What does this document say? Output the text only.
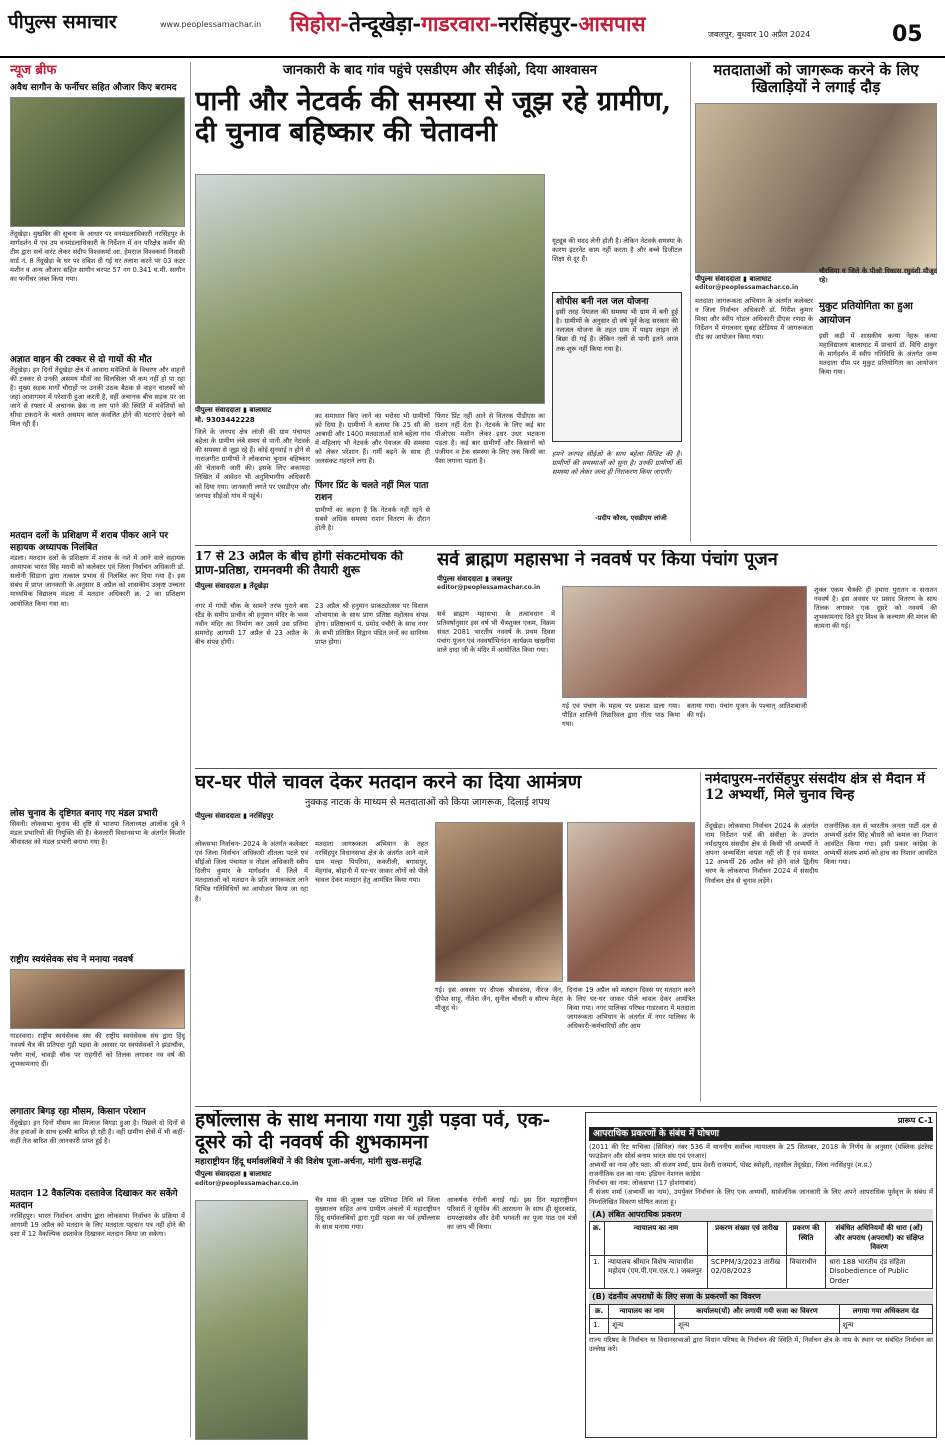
पीपुल्स समाचार	www.peoplessamachar.in सिहोरा-तेन्दूखेड़ा-गाडरवारा-नरसिंहपुर-आसपास	जबलपुर, बुधवार 10 अप्रैल 2024	05
न्यूज ब्रीफ
अवैध सागौन के फर्नीचर सहित औजार किए बरामद
तेंदूखेड़ा। मुखबिर की सूचना के आधार पर वनमंडलाधिकारी नरसिंहपुर के मार्गदर्शन में एवं उप वनमंडलाधिकारी के निर्देशन में वन परिक्षेत्र कर्मन की टीम द्वारा सर्च वारंट लेकर संदीप विश्वकर्मा आ. हेमराज विश्वकर्मा निवासी वार्ड नं. 8 तेंदूखेड़ा के घर पर दबिश दी गई घर तलाश करने पर 03 कटर मशीन व अन्य औजार सहित सागौन चरपट 57 नग 0.341 घ.मी. सागौन का फर्नीचर जब्त किया गया।
अज्ञात वाहन की टक्कर से दो गायों की मौत
तेंदूखेड़ा। इन दिनों तेंदूखेड़ा क्षेत्र में आवारा मवेशियों के विचरण और वाहनों की टक्कर से उनकी असमय मौतों का सिलसिला भी कम नहीं हो पा रहा है। मुख्य सड़क मार्गों चौराहों पर उनकी उठक बैठक से वाहन चालकों को जहां आवागमन में परेशानी हुआ करती है, वहीं अचानक बीच सड़क पर आ जाने से रफ्तार में अचानक ब्रेक ना लग पाने की स्थिति में मवेशियों को सीधा टकराने के चलते असमय काल कवलित होने की घटनाएं देखने को मिल रही हैं।
मतदान दलों के प्रशिक्षण में शराब पीकर आने पर सहायक अध्यापक निलंबित
मंडला। मतदान दलों के प्रशिक्षण में शराब के नशे में आने वाले सहायक अध्यापक भारत सिंह मरावी को कलेक्टर एवं जिला निर्वाचन अधिकारी डॉ. सलोनी सिडाना द्वारा तत्काल प्रभाव से निलंबित कर दिया गया है। इस संबंध में प्राप्त जानकारी के अनुसार 8 अप्रैल को शासकीय उत्कृष्ट उच्चतर माध्यमिक विद्यालय मंडला में मतदान अधिकारी क्र. 2 का प्रशिक्षण आयोजित किया गया था।
लोस चुनाव के दृष्टिगत बनाए गए मंडल प्रभारी
सिवनी। लोकसभा चुनाव की दृष्टि से भाजपा जिलाध्यक्ष आलोक दुबे ने मंडल प्रभारियों की नियुक्ति की है। केवलारी विधानसभा के अंतर्गत किशोर श्रीवास्तव को मंडल प्रभारी बनाया गया है।
राष्ट्रीय स्वयंसेवक संघ ने मनाया नववर्ष
गाडरवारा। राष्ट्रीय स्वयंसेवक संघ की राष्ट्रीय स्वयंसेवक संघ द्वारा हिंदू नववर्ष चैत्र की प्रतिपदा गुड़ी पड़वा के अवसर पर स्वयंसेवकों ने झंडाचौक, फ्लैग मार्च, चावड़ी चौक पर राहगीरों को तिलक लगाकर नव वर्ष की शुभकामनाएं दीं।
लगातार बिगड़ रहा मौसम, किसान परेशान
तेंदूखेड़ा। इन दिनों मौसम का मिजाज बिगड़ा हुआ है। पिछले दो दिनों से तेज हवाओं के साथ हल्की बारिश हो रही है। वहीं ग्रामीण क्षेत्रों में भी कहीं-कहीं तेज बारिश की जानकारी प्राप्त हुई है।
मतदान 12 वैकल्पिक दस्तावेज दिखाकर कर सकेंगे मतदान
नरसिंहपुर। भारत निर्वाचन आयोग द्वारा लोकसभा निर्वाचन के प्रक्रिया में आगामी 19 अप्रैल को मतदान के लिए मतदाता पहचान पत्र नहीं होने की दशा में 12 वैकल्पिक दस्तावेज दिखाकर मतदान किया जा सकेगा।
जानकारी के बाद गांव पहुंचे एसडीएम और सीईओ, दिया आश्वासन
पानी और नेटवर्क की समस्या से जूझ रहे ग्रामीण, दी चुनाव बहिष्कार की चेतावनी
पीपुल्स संवाददाता ▮ बालाघाट
मो. 9303442228
जिले के जनपद क्षेत्र लांजी की ग्राम पंचायत बहेला के ग्रामीण लंबे समय से पानी और नेटवर्क की समस्या से जूझ रहे हैं। कोई सुनवाई न होने से नाराजगीत ग्रामीणों ने लोकसभा चुनाव बहिष्कार की चेतावनी जारी की। इसके लिए बकायदा लिखित में आवेदन भी अनुविभागीय अधिकारी को दिया गया। जानकारी लगते पर एसडीएम और जनपद सीईओ गांव में पहुंचे।
का समाधान किए जाने का भरोसा भी ग्रामीणों को दिया है। ग्रामीणों ने बताया कि 25 सौ की आबादी और 1400 मतदाताओं वाले बहेला गांव में महिलाएं भी नेटवर्क और पेयजल की समस्या को लेकर परेशान हैं। गर्मी बढ़ने के साथ ही जलसंकट गहराने लगा है।
फिंगर प्रिंट के चलते नहीं मिल पाता राशन
ग्रामीणों का कहना है कि नेटवर्क नहीं रहने से सबसे अधिक समस्या राशन वितरण के दौरान होती है।
फिंगर प्रिंट नहीं आने से वितरक पीडीएस का राशन नहीं देता है। नेटवर्क के लिए कई बार पीओएस मशीन लेकर इधर उधर भटकना पड़ता है। कई बार ग्रामीणों और किसानों को पंजीयन व टेक समस्या के लिए तक किसी का पैसा लगाना पड़ता है।
यूट्यूब की मदद लेनी होती है। लेकिन नेटवर्क समस्या के कारण इंटरनेट काम नहीं करता है और बच्चे डिजीटल शिक्षा से दूर हैं।
शोपीस बनी नल जल योजना
इसी तरह पेयजल की समस्या भी ग्राम में बनी हुई है। ग्रामीणों के अनुसार दो वर्ष पूर्व केन्द्र सरकार की नलजल योजना के तहत ग्राम में पाइप लाइन तो बिछा दी गई है। लेकिन नलों से पानी इतने आज तक शुरू नहीं किया गया है।
हमने जनपद सीईओ के साथ बहेला विजिट की है। ग्रामीणों की समस्याओं को सुना है। उनकी ग्रामीणों की समस्या को लेकर जल्द ही निराकरण किया जाएगी।
-प्रदीप कौरव, एसडीएम लांजी
मतदाताओं को जागरूक करने के लिए खिलाड़ियों ने लगाई दौड़
पीपुल्स संवाददाता ▮ बालाघाट
editor@peoplessamachar.co.in
मतदाता जागरूकता अभियान के अंतर्गत कलेक्टर व जिला निर्वाचन अधिकारी डॉ. गिरीश कुमार मिश्रा और स्वीप नोडल अधिकारी डीएस रणदा के निर्देशन में मंगलवार सुबह स्टेडियम में जागरूकता दौड़ का आयोजन किया गया।
चौरसिया व जिले के पीओ विकास रघुवंशी मौजूद रहे।
मुकुट प्रतियोगिता का हुआ आयोजन
इसी कड़ी में शासकीय कन्या नेहरू कन्या महाविद्यालय बालाघाट में प्राचार्य डॉ. विधि ठाकुर के मार्गदर्शन में स्वीप गतिविधि के अंतर्गत जन्म मतदाता धीम पर मुकुट प्रतियोगिता का आयोजन किया गया।
17 से 23 अप्रैल के बीच होगी संकटमोचक की प्राण-प्रतिष्ठा, रामनवमी की तैयारी शुरू
पीपुल्स संवाददाता ▮ तेंदूखेड़ा
नगर में गांधी चौक के सामने तरफ पुराने बस स्टैंड के समीप प्राचीन श्री हनुमान मंदिर के भव्य नवीन मंदिर का निर्माण कर उसमें उस प्रतिमा समारोह आगामी 17 अप्रैल से 23 अप्रैल के बीच संपन्न होगी।
23 अप्रैल श्री हनुमान प्राकट्योत्सव पर विशाल शोभायात्रा के साथ प्राण प्रतिष्ठा महोत्सव संपन्न होगा। प्रतिष्ठाचार्य पं. प्रमोद पचौरी के साथ नगर के सभी प्रतिष्ठित विद्वान पंडित जनों का सानिध्य प्राप्त होगा।
सर्व ब्राह्मण महासभा ने नववर्ष पर किया पंचांग पूजन
पीपुल्स संवाददाता ▮ जबलपुर
editor@peoplessamachar.co.in
सर्व ब्राह्मण महासभा के तत्वावधान में प्रतिवर्षानुसार इस वर्ष भी चैत्रशुक्ल एकम, विक्रम संवत 2081 भारतीय नववर्ष के प्रथम दिवस पंचांग पूजन एवं नववर्षाभिनंदन कार्यक्रम खखरीया वाले दादा जी के मंदिर में आयोजित किया गया।
गई एवं पंचांग के महत्व पर प्रकाश डाला गया। पौड़ित शालिनी तिन्नारिवल द्वारा गीता पाठ किया गया।
बताया गया। पंचांग पूजन के पश्चात् आतिशबाजी की गई।
शुक्ल एकम चैत्रकी ही हमारा पुरातन व सनातन नववर्ष है। इस अवसर पर प्रसाद वितरण के साथ तिलक लगाकर एक दूसरे को नववर्ष की शुभकामनाएं दिते हुए विश्व के कल्याण की मंगल की कामना की गई।
घर-घर पीले चावल देकर मतदान करने का दिया आमंत्रण
नुक्कड़ नाटक के माध्यम से मतदाताओं को किया जागरूक, दिलाई शपथ
पीपुल्स संवाददाता ▮ नरसिंहपुर
लोकसभा निर्वाचन- 2024 के अंतर्गत कलेक्टर एवं जिला निर्वाचन अधिकारी शीतला पटले एवं सीईओ जिला पंचायत व नोडल अधिकारी स्वीप दिलीप कुमार के मार्गदर्शन में जिले में मतदाताओं को मतदान के प्रति जागरूकता लाने विभिन्न गतिविधियों का आयोजन किया जा रहा है।
मतदाता जागरूकता अभियान के तहत नरसिंहपुर विधानसभा क्षेत्र के अंतर्गत आने वाले ग्राम मल्हा पिपरिया, ककरीली, बगासपुर, मेहगांव, बोहानी में घर-घर जाकर लोगों को पीले चावल देकर मतदान हेतु आमंत्रित किया गया।
गई। इस अवसर पर दीपक श्रीवास्तव, नीरज जैन, दीपेश साहू, नीतेश जैन, सुनील चौधरी व सौरभ मेहरा मौजूद थे।
दिनांक 19 अप्रैल को मतदान दिवस पर मतदान करने के लिए घर-घर जाकर पीले चावल देकर आमंत्रित किया गया। नगर पालिका परिषद गाडरवारा में मतदाता जागरूकता अभियान के अंतर्गत में नगर पालिका के अधिकारी-कर्मचारियों और आम
नर्मदापुरम-नरसिंहपुर संसदीय क्षेत्र से मैदान में 12 अभ्यर्थी, मिले चुनाव चिन्ह
तेंदूखेड़ा। लोकसभा निर्वाचन 2024 के अंतर्गत नाम निर्देशन पत्रों की संवीक्षा के उपरांत नर्मदापुरम संसदीय क्षेत्र से किसी भी अभ्यर्थी ने अपना अभ्यर्थिता वापस नहीं ली है एवं समस्त 12 अभ्यर्थी 26 अप्रैल को होने वाले द्वितीय चरण के लोकसभा निर्वाचन 2024 में संसदीय निर्वाचन क्षेत्र से चुनाव लड़ेंगे।
राजनीतिक दल से भारतीय जनता पार्टी दल से अभ्यर्थी दर्शन सिंह चौधरी को कमल का निशान आवंटित किया गया। इसी प्रकार कांग्रेस के अभ्यर्थी संजय शर्मा को हाथ का निशान आवंटित किया गया।
हर्षोल्लास के साथ मनाया गया गुड़ी पड़वा पर्व, एक-दूसरे को दी नववर्ष की शुभकामना
महाराष्ट्रीयन हिंदू धर्मावलंबियों ने की विशेष पूजा-अर्चना, मांगी सुख-समृद्धि
पीपुल्स संवाददाता ▮ बालाघाट
editor@peoplessamachar.co.in
चैत्र मास की शुक्ल पक्ष प्रतिपदा तिथि को जिला मुख्यालय सहित अन्य ग्रामीण अंचलों में महाराष्ट्रीयन हिंदू धर्मावलंबियों द्वारा गुड़ी पड़वा का पर्व हर्षोल्लास के साथ मनाया गया।
आकर्षक रंगोली बनाई गई। इस दिन महाराष्ट्रीयन परिवारों ने सूर्यदेव की आराधना के साथ ही सुंदरकांड, रामरक्षास्तोत्र और देवी भगवती का पूजा पाठ एवं मंत्रों का जाप भी किया।
प्रारूप C-1
आपराधिक प्रकरणों के संबंध में घोषणा
(2011 की रिट याचिका (सिविल) नंबर 536 में माननीय सर्वोच्च न्यायालय के 25 सितम्बर, 2018 के निर्णय के अनुसार (पब्लिक इंटरेस्ट फाउंडेशन और सोर्स बनाम भारत संघ एवं एनआर)
अभ्यर्थी का नाम और पता: श्री संजय शर्मा, ग्राम देवरी राजमार्ग, पोस्ट स्वोहरी, तहसील तेंदूखेड़ा, जिला नरसिंहपुर (म.प्र.)
राजनीतिक दल का नाम: इंडियन नेशनल कांग्रेस
निर्वाचन का नाम: लोकसभा (17 होशंगाबाद)
मैं संजय शर्मा (अभ्यर्थी का नाम), उपर्युक्त निर्वाचन के लिए एक अभ्यर्थी, सार्वजनिक जानकारी के लिए अपने आपराधिक पूर्ववृत्त के संबंध में निम्नलिखित विवरण घोषित करता हूं।
(A) लंबित आपराधिक प्रकरण
क्र.	न्यायालय का नाम	प्रकरण संख्या एवं तारीख	प्रकरण की स्थिति	संबंधित अधिनियमों की धारा (ओं) और अपराध (अपराधों) का संक्षिप्त विवरण
1.	न्यायालय श्रीमान विशेष न्यायाधीश महोदय (एम.पी.एम.एल.ए.) जबलपुर	SCPPM/3/2023 तारीख 02/08/2023	विचाराधीन	धारा 188 भारतीय दंड संहिता Disobedience of Public Order
(B) दंडनीय अपराधों के लिए सजा के प्रकरणों का विवरण
क्र.	न्यायालय का नाम	कार्यालय(यों) और लगायी गयी सजा का विवरण	लगाया गया अधिकतम दंड
1.	शून्य	शून्य	शून्य
राज्य परिषद के निर्वाचन या विधानसभाओं द्वारा विधान परिषद के निर्वाचन की स्थिति में, निर्वाचन क्षेत्र के नाम के स्थान पर संबंधित निर्वाचन का उल्लेख करें।
